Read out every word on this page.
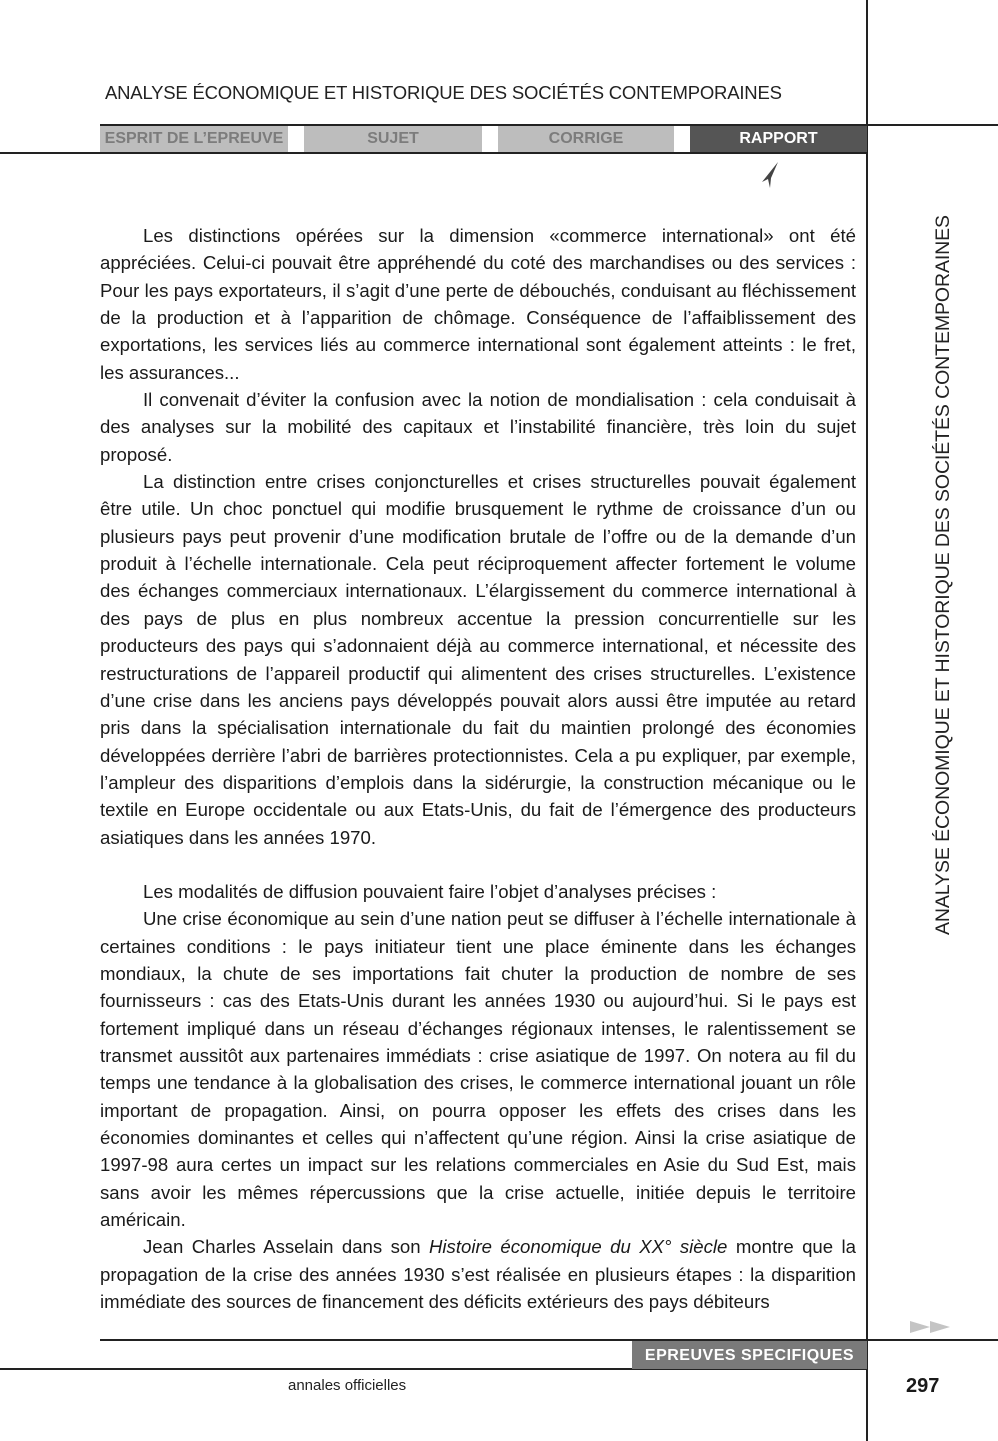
ANALYSE ÉCONOMIQUE ET HISTORIQUE DES SOCIÉTÉS CONTEMPORAINES
ESPRIT DE L’EPREUVE	SUJET	CORRIGE	RAPPORT

Les distinctions opérées sur la dimension «commerce international» ont été appréciées. Celui-ci pouvait être appréhendé du coté des marchandises ou des services : Pour les pays exportateurs, il s’agit d’une perte de débouchés, conduisant au fléchissement de la production et à l’apparition de chômage. Conséquence de l’affaiblissement des exportations, les services liés au commerce international sont également atteints : le fret, les assurances...

Il convenait d’éviter la confusion avec la notion de mondialisation : cela conduisait à des analyses sur la mobilité des capitaux et l’instabilité financière, très loin du sujet proposé.

La distinction entre crises conjoncturelles et crises structurelles pouvait également être utile. Un choc ponctuel qui modifie brusquement le rythme de croissance d’un ou plusieurs pays peut provenir d’une modification brutale de l’offre ou de la demande d’un produit à l’échelle internationale. Cela peut réciproquement affecter fortement le volume des échanges commerciaux internationaux. L’élargissement du commerce international à des pays de plus en plus nombreux accentue la pression concurrentielle sur les producteurs des pays qui s’adonnaient déjà au commerce international, et nécessite des restructurations de l’appareil productif qui alimentent des crises structurelles. L’existence d’une crise dans les anciens pays développés pouvait alors aussi être imputée au retard pris dans la spécialisation internationale du fait du maintien prolongé des économies développées derrière l’abri de barrières protectionnistes. Cela a pu expliquer, par exemple, l’ampleur des disparitions d’emplois dans la sidérurgie, la construction mécanique ou le textile en Europe occidentale ou aux Etats-Unis, du fait de l’émergence des producteurs asiatiques dans les années 1970.

Les modalités de diffusion pouvaient faire l’objet d’analyses précises :

Une crise économique au sein d’une nation peut se diffuser à l’échelle internationale à certaines conditions : le pays initiateur tient une place éminente dans les échanges mondiaux, la chute de ses importations fait chuter la production de nombre de ses fournisseurs : cas des Etats-Unis durant les années 1930 ou aujourd’hui. Si le pays est fortement impliqué dans un réseau d’échanges régionaux intenses, le ralentissement se transmet aussitôt aux partenaires immédiats : crise asiatique de 1997. On notera au fil du temps une tendance à la globalisation des crises, le commerce international jouant un rôle important de propagation. Ainsi, on pourra opposer les effets des crises dans les économies dominantes et celles qui n’affectent qu’une région. Ainsi la crise asiatique de 1997-98 aura certes un impact sur les relations commerciales en Asie du Sud Est, mais sans avoir les mêmes répercussions que la crise actuelle, initiée depuis le territoire américain.

Jean Charles Asselain dans son Histoire économique du XX° siècle montre que la propagation de la crise des années 1930 s’est réalisée en plusieurs étapes : la disparition immédiate des sources de financement des déficits extérieurs des pays débiteurs

ANALYSE ÉCONOMIQUE ET HISTORIQUE DES SOCIÉTÉS CONTEMPORAINES
EPREUVES SPECIFIQUES
annales officielles	297
